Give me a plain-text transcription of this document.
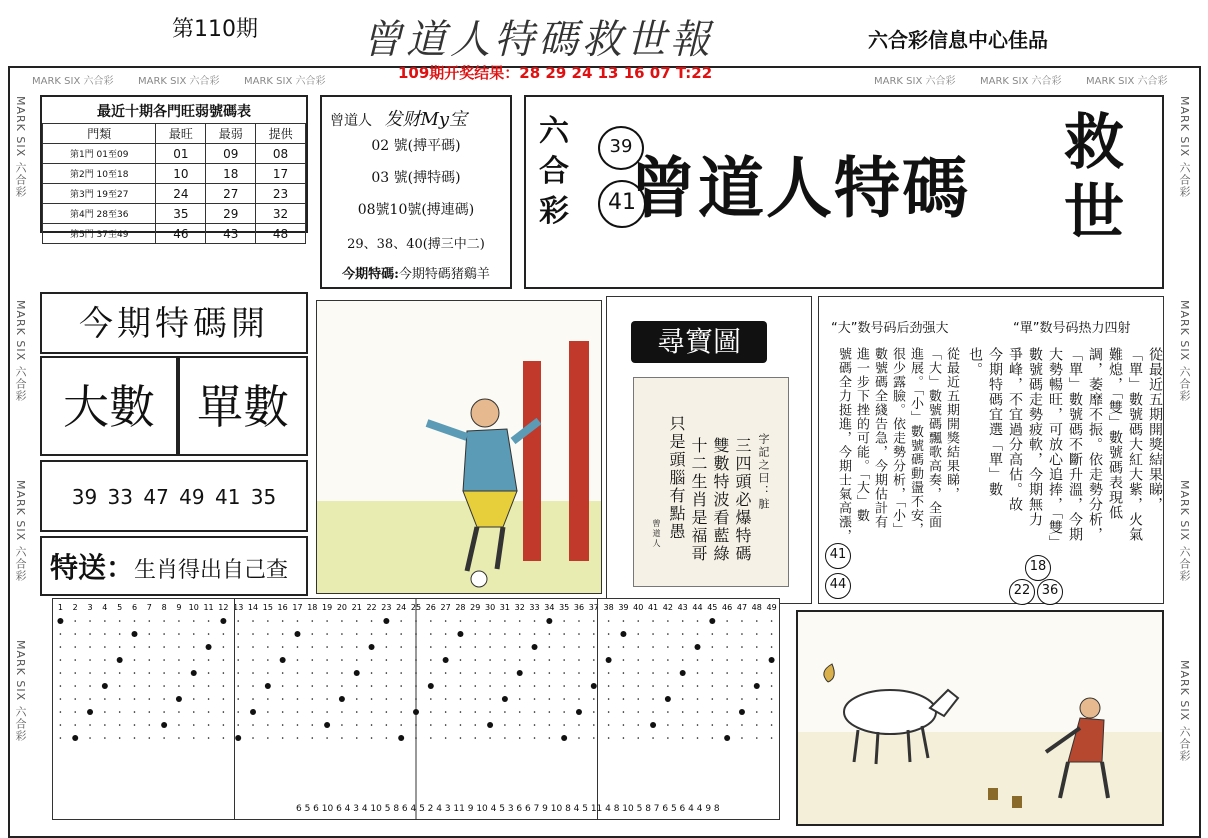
第110期	曾道人特碼救世報	六合彩信息中心佳品
MARK SIX 六合彩 MARK SIX 六合彩 MARK SIX 六合彩	MARK SIX 六合彩 MARK SIX 六合彩 MARK SIX 六合彩
MARK SIX 六合彩
MARK SIX 六合彩
MARK SIX 六合彩
MARK SIX 六合彩
MARK SIX 六合彩
MARK SIX 六合彩
MARK SIX 六合彩
MARK SIX 六合彩
109期开奖结果：28 29 24 13 16 07 T:22
最近十期各門旺弱號碼表
門類	最旺	最弱	提供
第1門 01至09	01	09	08
第2門 10至18	10	18	17
第3門 19至27	24	27	23
第4門 28至36	35	29	32
第5門 37至49	46	43	48
曾道人 发财My宝
02 號(搏平碼)
03 號(搏特碼)
08號10號(搏連碼)
29、38、40(搏三中二)
今期特碼:今期特碼猪鷄羊
六合彩
39
41
曾道人特碼
救世
今期特碼開
大數 單數
39 33 47 49 41 35
特送：生肖得出自己查
尋寶圖
字記之曰：脏
三四頭必爆特碼
雙數特波看藍綠
十二生肖是福哥
只是頭腦有點愚
曾道人
“大”数号码后劲强大	“單”数号码热力四射
從最近五期開獎結果睇，
「單」數號碼大紅大紫，火氣
難熄，「雙」數號碼表現低
調，萎靡不振。依走勢分析，
「單」數號碼不斷升溫，今期
大勢暢旺，可放心追捧，「雙」
數號碼走勢疲軟，今期無力
爭峰，不宜過分高估。故
今期特碼宜選「單」數
也。
從最近五期開獎結果睇，
「大」數號碼飄歌高奏，全面
進展。「小」數號碼動盪不安，
很少露臉。依走勢分析，「小」
數號碼全綫告急，今期估計有
進一步下挫的可能。「大」數
號碼全力挺進，今期士氣高漲，
41
44
18
22 36
1 2 3 4 5 6 7 8 9 10 11 12 13 14 15 16 17 18 19 20 21 22 23 24 25 26 27 28 29 30 31 32 33 34 35 36 37 38 39 40 41 42 43 44 45 46 47 48 49
6 5 6 10 6 4 3 4 10 5 8 6 4 5 2 4 3 11 9 10 4 5 3 6 6 7 9 10 8 4 5 11 4 8 10 5 8 7 6 5 6 4 4 9 8
